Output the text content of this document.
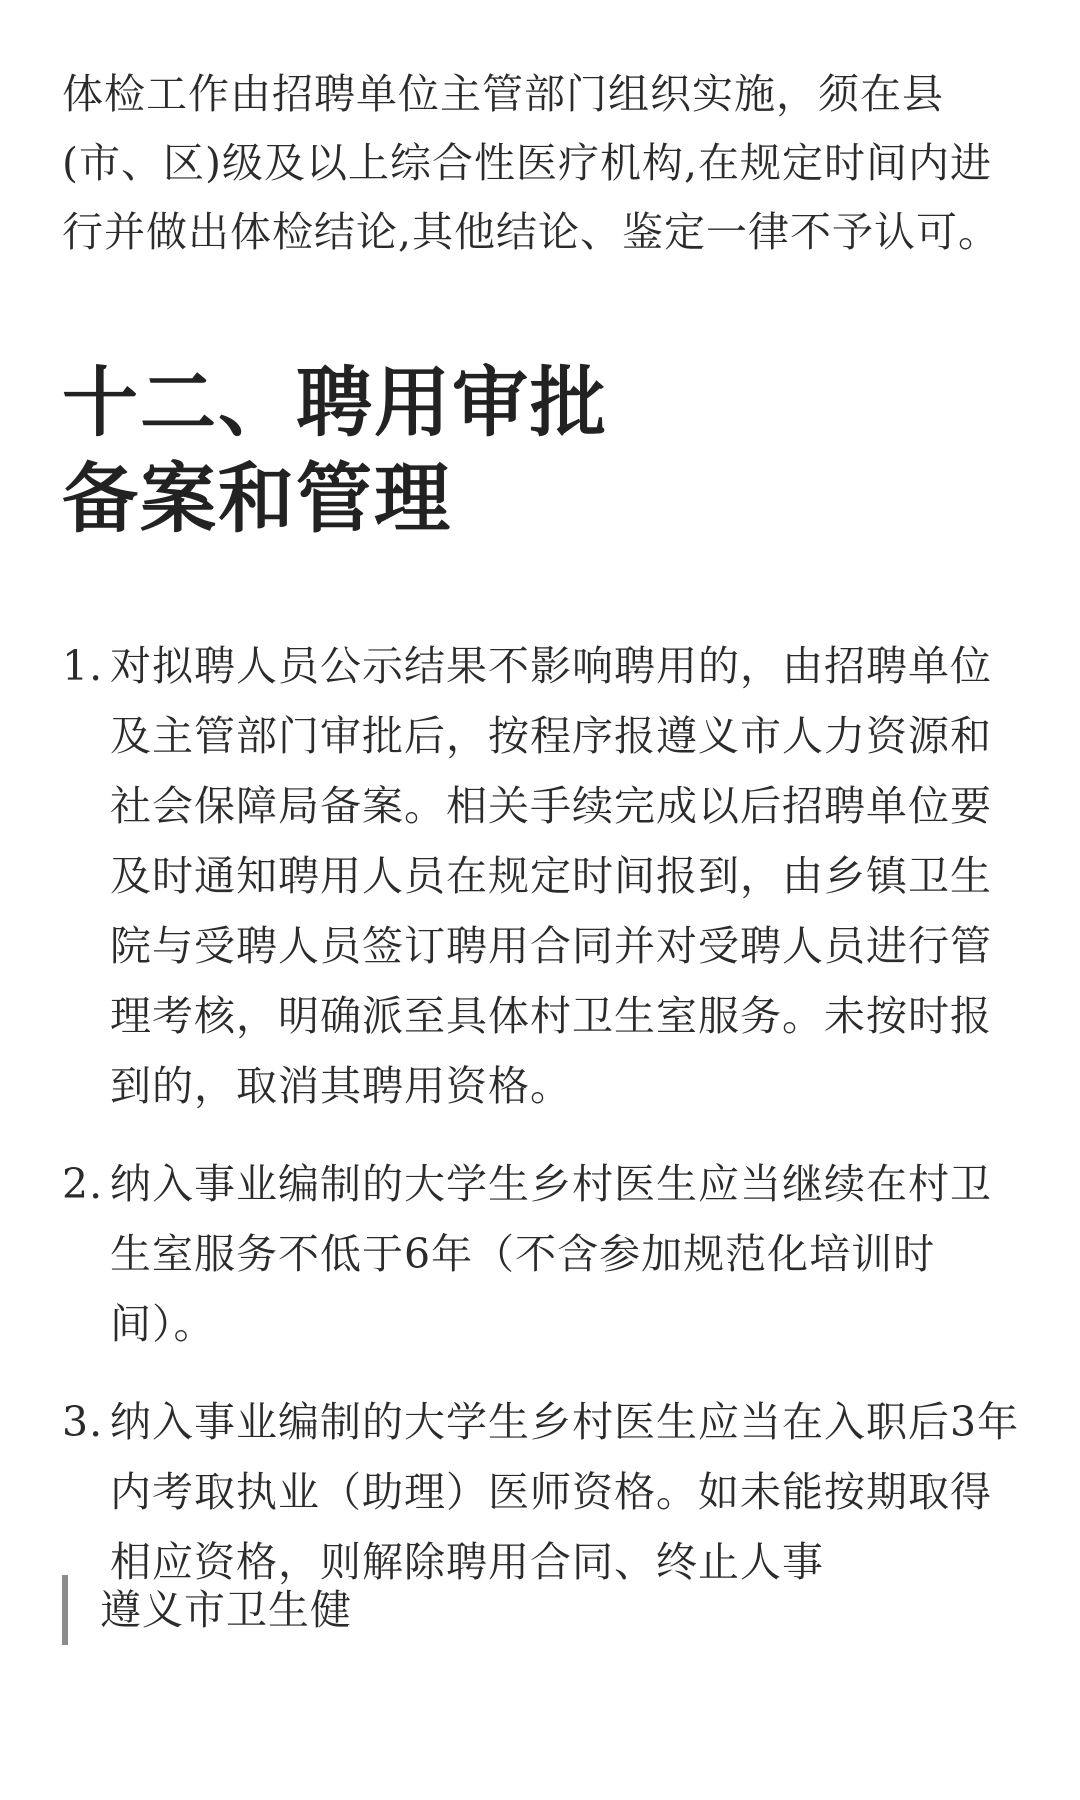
体检工作由招聘单位主管部门组织实施，须在县(市、区)级及以上综合性医疗机构,在规定时间内进行并做出体检结论,其他结论、鉴定一律不予认可。

十二、聘用审批
备案和管理
1. 对拟聘人员公示结果不影响聘用的，由招聘单位及主管部门审批后，按程序报遵义市人力资源和社会保障局备案。相关手续完成以后招聘单位要及时通知聘用人员在规定时间报到，由乡镇卫生院与受聘人员签订聘用合同并对受聘人员进行管理考核，明确派至具体村卫生室服务。未按时报到的，取消其聘用资格。
2. 纳入事业编制的大学生乡村医生应当继续在村卫生室服务不低于6年（不含参加规范化培训时间）。
3. 纳入事业编制的大学生乡村医生应当在入职后3年内考取执业（助理）医师资格。如未能按期取得相应资格，则解除聘用合同、终止人事
遵义市卫生健
